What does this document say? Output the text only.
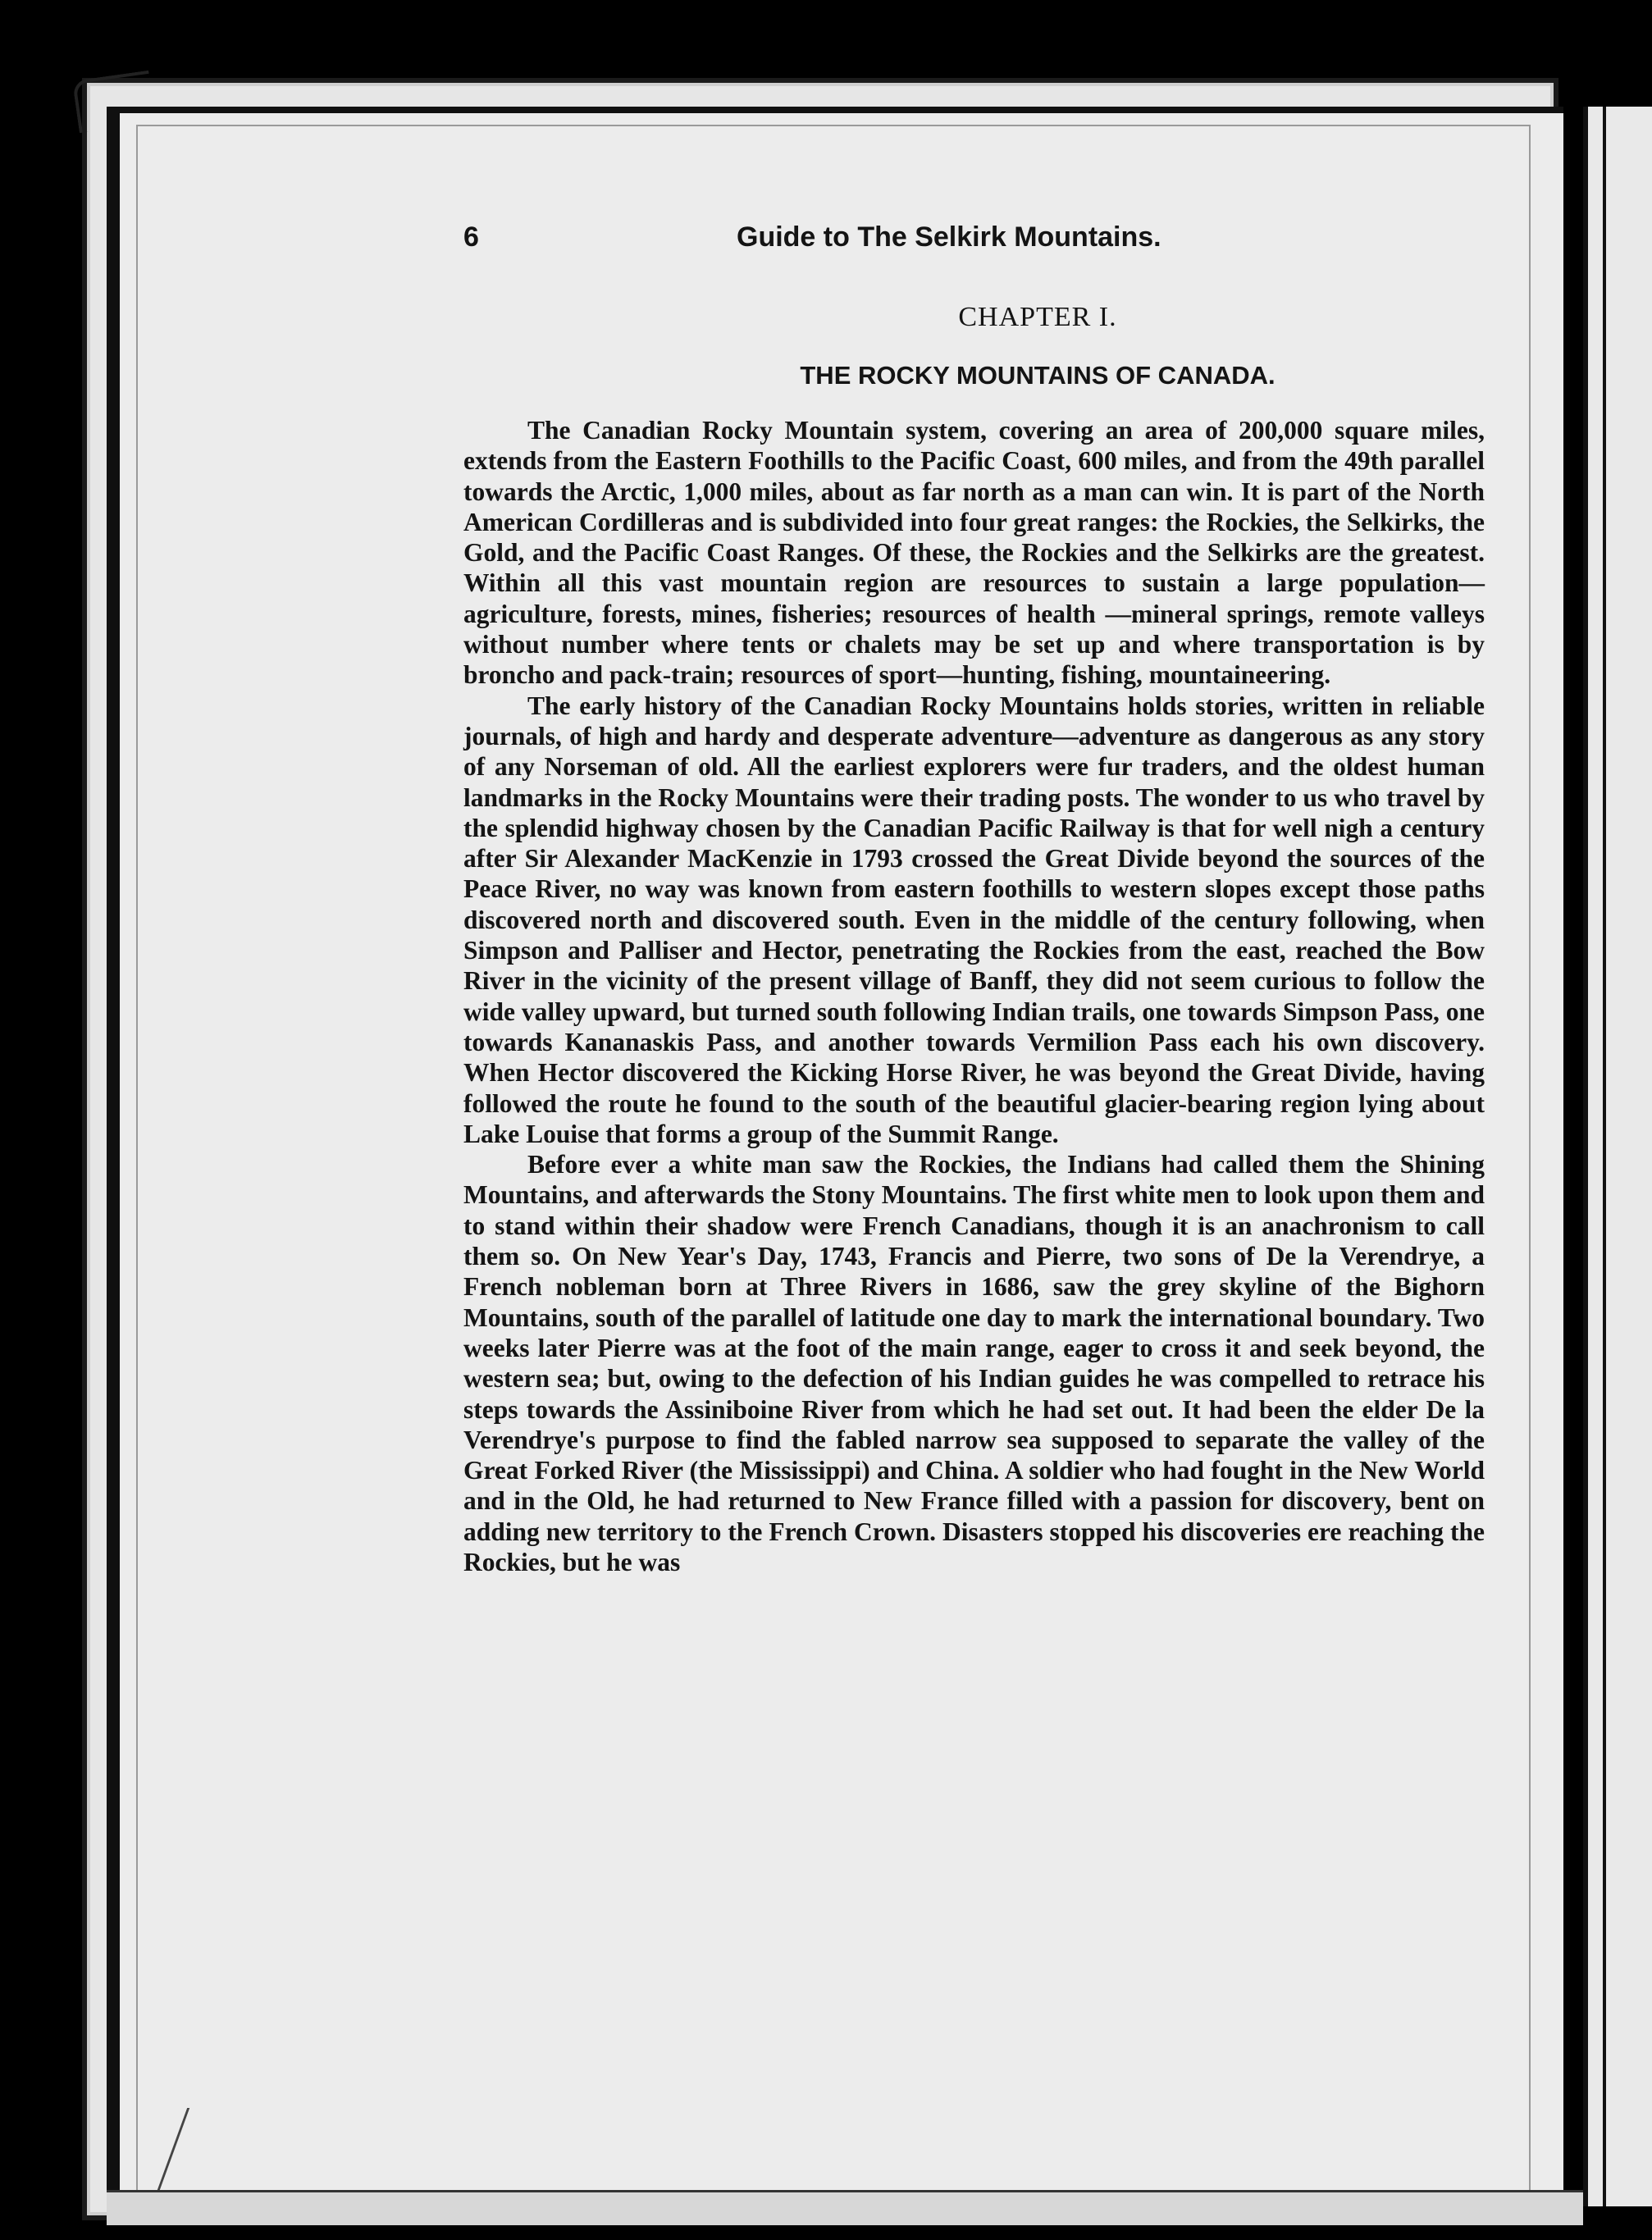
6	Guide to The Selkirk Mountains.
CHAPTER I.
THE ROCKY MOUNTAINS OF CANADA.

The Canadian Rocky Mountain system, covering an area of 200,000 square miles, extends from the Eastern Foothills to the Pacific Coast, 600 miles, and from the 49th parallel towards the Arctic, 1,000 miles, about as far north as a man can win. It is part of the North American Cordilleras and is subdivided into four great ranges: the Rockies, the Selkirks, the Gold, and the Pacific Coast Ranges. Of these, the Rockies and the Selkirks are the greatest. Within all this vast mountain region are resources to sustain a large population—agriculture, forests, mines, fisheries; resources of health —mineral springs, remote valleys without number where tents or chalets may be set up and where transportation is by broncho and pack-train; resources of sport—hunting, fishing, mountaineering.

The early history of the Canadian Rocky Mountains holds stories, written in reliable journals, of high and hardy and desperate adventure—adventure as dangerous as any story of any Norseman of old. All the earliest explorers were fur traders, and the oldest human landmarks in the Rocky Mountains were their trading posts. The wonder to us who travel by the splendid highway chosen by the Canadian Pacific Railway is that for well nigh a century after Sir Alexander MacKenzie in 1793 crossed the Great Divide beyond the sources of the Peace River, no way was known from eastern foothills to western slopes except those paths discovered north and discovered south. Even in the middle of the century following, when Simpson and Palliser and Hector, penetrating the Rockies from the east, reached the Bow River in the vicinity of the present village of Banff, they did not seem curious to follow the wide valley upward, but turned south following Indian trails, one towards Simpson Pass, one towards Kananaskis Pass, and another towards Vermilion Pass each his own discovery. When Hector discovered the Kicking Horse River, he was beyond the Great Divide, having followed the route he found to the south of the beautiful glacier-bearing region lying about Lake Louise that forms a group of the Summit Range.

Before ever a white man saw the Rockies, the Indians had called them the Shining Mountains, and afterwards the Stony Mountains. The first white men to look upon them and to stand within their shadow were French Canadians, though it is an anachronism to call them so. On New Year's Day, 1743, Francis and Pierre, two sons of De la Verendrye, a French nobleman born at Three Rivers in 1686, saw the grey skyline of the Bighorn Mountains, south of the parallel of latitude one day to mark the international boundary. Two weeks later Pierre was at the foot of the main range, eager to cross it and seek beyond, the western sea; but, owing to the defection of his Indian guides he was compelled to retrace his steps towards the Assiniboine River from which he had set out. It had been the elder De la Verendrye's purpose to find the fabled narrow sea supposed to separate the valley of the Great Forked River (the Mississippi) and China. A soldier who had fought in the New World and in the Old, he had returned to New France filled with a passion for discovery, bent on adding new territory to the French Crown. Disasters stopped his discoveries ere reaching the Rockies, but he was
